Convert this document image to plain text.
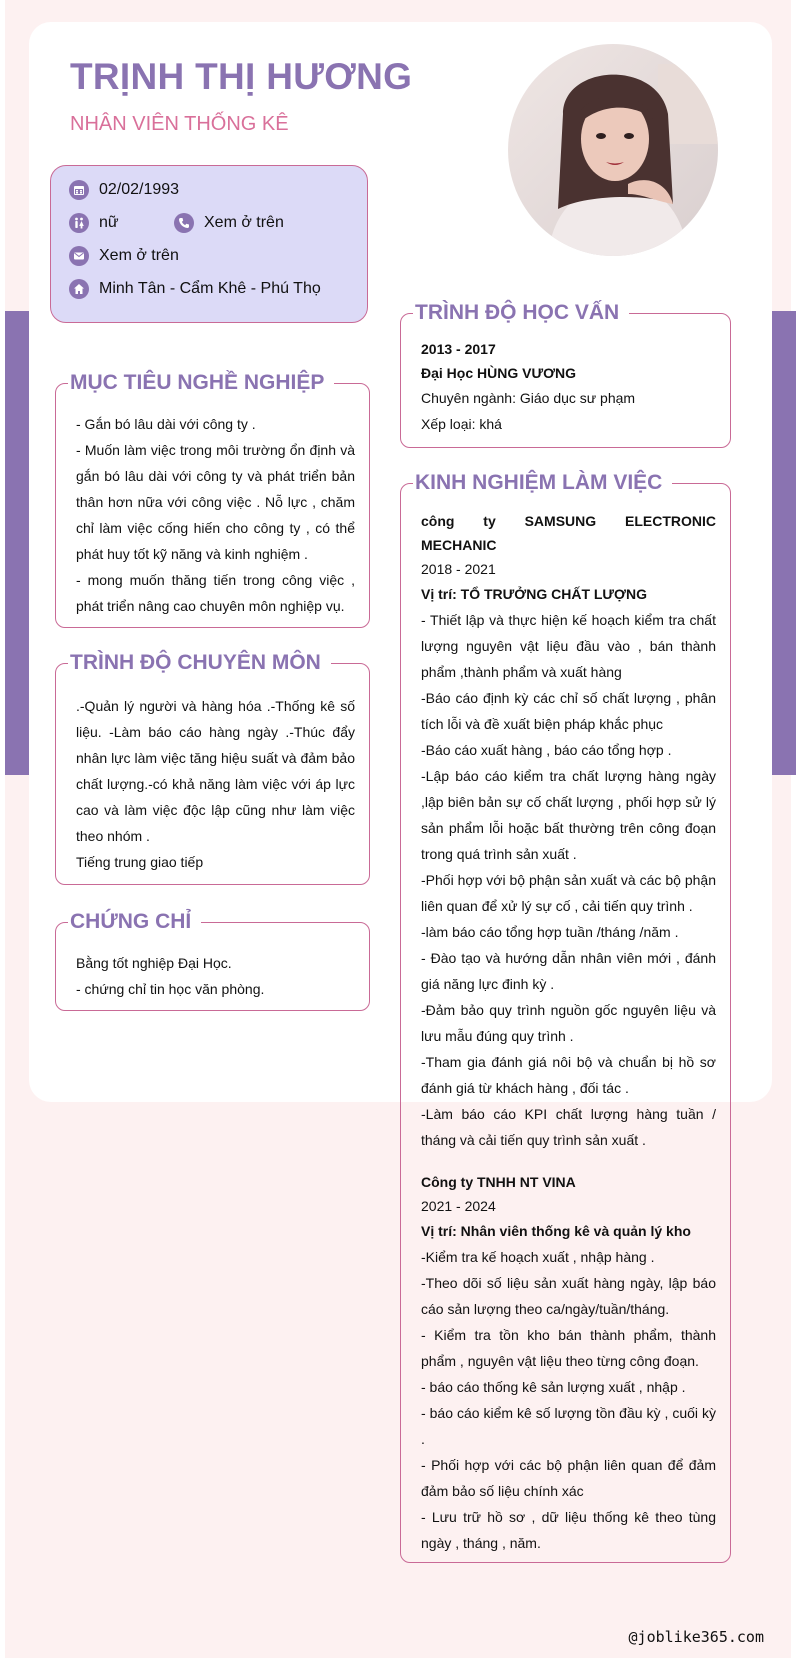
TRỊNH THỊ HƯƠNG
NHÂN VIÊN THỐNG KÊ
02/02/1993
nữ	Xem ở trên
Xem ở trên
Minh Tân - Cẩm Khê - Phú Thọ
MỤC TIÊU NGHỀ NGHIỆP

- Gắn bó lâu dài với công ty .

- Muốn làm việc trong môi trường ổn định và gắn bó lâu dài với công ty và phát triển bản thân hơn nữa với công việc . Nỗ lực , chăm chỉ làm việc cống hiến cho công ty , có thể phát huy tốt kỹ năng và kinh nghiệm .

- mong muốn thăng tiến trong công việc , phát triển nâng cao chuyên môn nghiệp vụ.

TRÌNH ĐỘ CHUYÊN MÔN

.-Quản lý người và hàng hóa .-Thống kê số liệu. -Làm báo cáo hàng ngày .-Thúc đẩy nhân lực làm việc tăng hiệu suất và đảm bảo chất lượng.-có khả năng làm việc với áp lực cao và làm việc độc lập cũng như làm việc theo nhóm .

Tiếng trung giao tiếp

CHỨNG CHỈ

Bằng tốt nghiệp Đại Học.

- chứng chỉ tin học văn phòng.

TRÌNH ĐỘ HỌC VẤN

2013 - 2017

Đại Học HÙNG VƯƠNG

Chuyên ngành: Giáo dục sư phạm

Xếp loại: khá

KINH NGHIỆM LÀM VIỆC

công ty SAMSUNG ELECTRONIC MECHANIC

2018 - 2021

Vị trí: TỔ TRƯỞNG CHẤT LƯỢNG

- Thiết lập và thực hiện kế hoạch kiểm tra chất lượng nguyên vật liệu đầu vào , bán thành phẩm ,thành phẩm và xuất hàng

-Báo cáo định kỳ các chỉ số chất lượng , phân tích lỗi và đề xuất biện pháp khắc phục

-Báo cáo xuất hàng , báo cáo tổng hợp .

-Lập báo cáo kiểm tra chất lượng hàng ngày ,lập biên bản sự cố chất lượng , phối hợp sử lý sản phẩm lỗi hoặc bất thường trên công đoạn trong quá trình sản xuất .

-Phối hợp với bộ phận sản xuất và các bộ phận liên quan để xử lý sự cố , cải tiến quy trình .

-làm báo cáo tổng hợp tuần /tháng /năm .

- Đào tạo và hướng dẫn nhân viên mới , đánh giá năng lực đinh kỳ .

-Đảm bảo quy trình nguồn gốc nguyên liệu và lưu mẫu đúng quy trình .

-Tham gia đánh giá nôi bộ và chuẩn bị hồ sơ đánh giá từ khách hàng , đối tác .

-Làm báo cáo KPI chất lượng hàng tuần / tháng và cải tiến quy trình sản xuất .

Công ty TNHH NT VINA

2021 - 2024

Vị trí: Nhân viên thống kê và quản lý kho

-Kiểm tra kế hoạch xuất , nhập hàng .

-Theo dõi số liệu sản xuất hàng ngày, lập báo cáo sản lượng theo ca/ngày/tuần/tháng.

- Kiểm tra tồn kho bán thành phẩm, thành phẩm , nguyên vật liệu theo từng công đoạn.

- báo cáo thống kê sản lượng xuất , nhập .

- báo cáo kiểm kê số lượng tồn đầu kỳ , cuối kỳ .

- Phối hợp với các bộ phận liên quan để đảm đảm bảo số liệu chính xác

- Lưu trữ hồ sơ , dữ liệu thống kê theo tùng ngày , tháng , năm.

@joblike365.com
